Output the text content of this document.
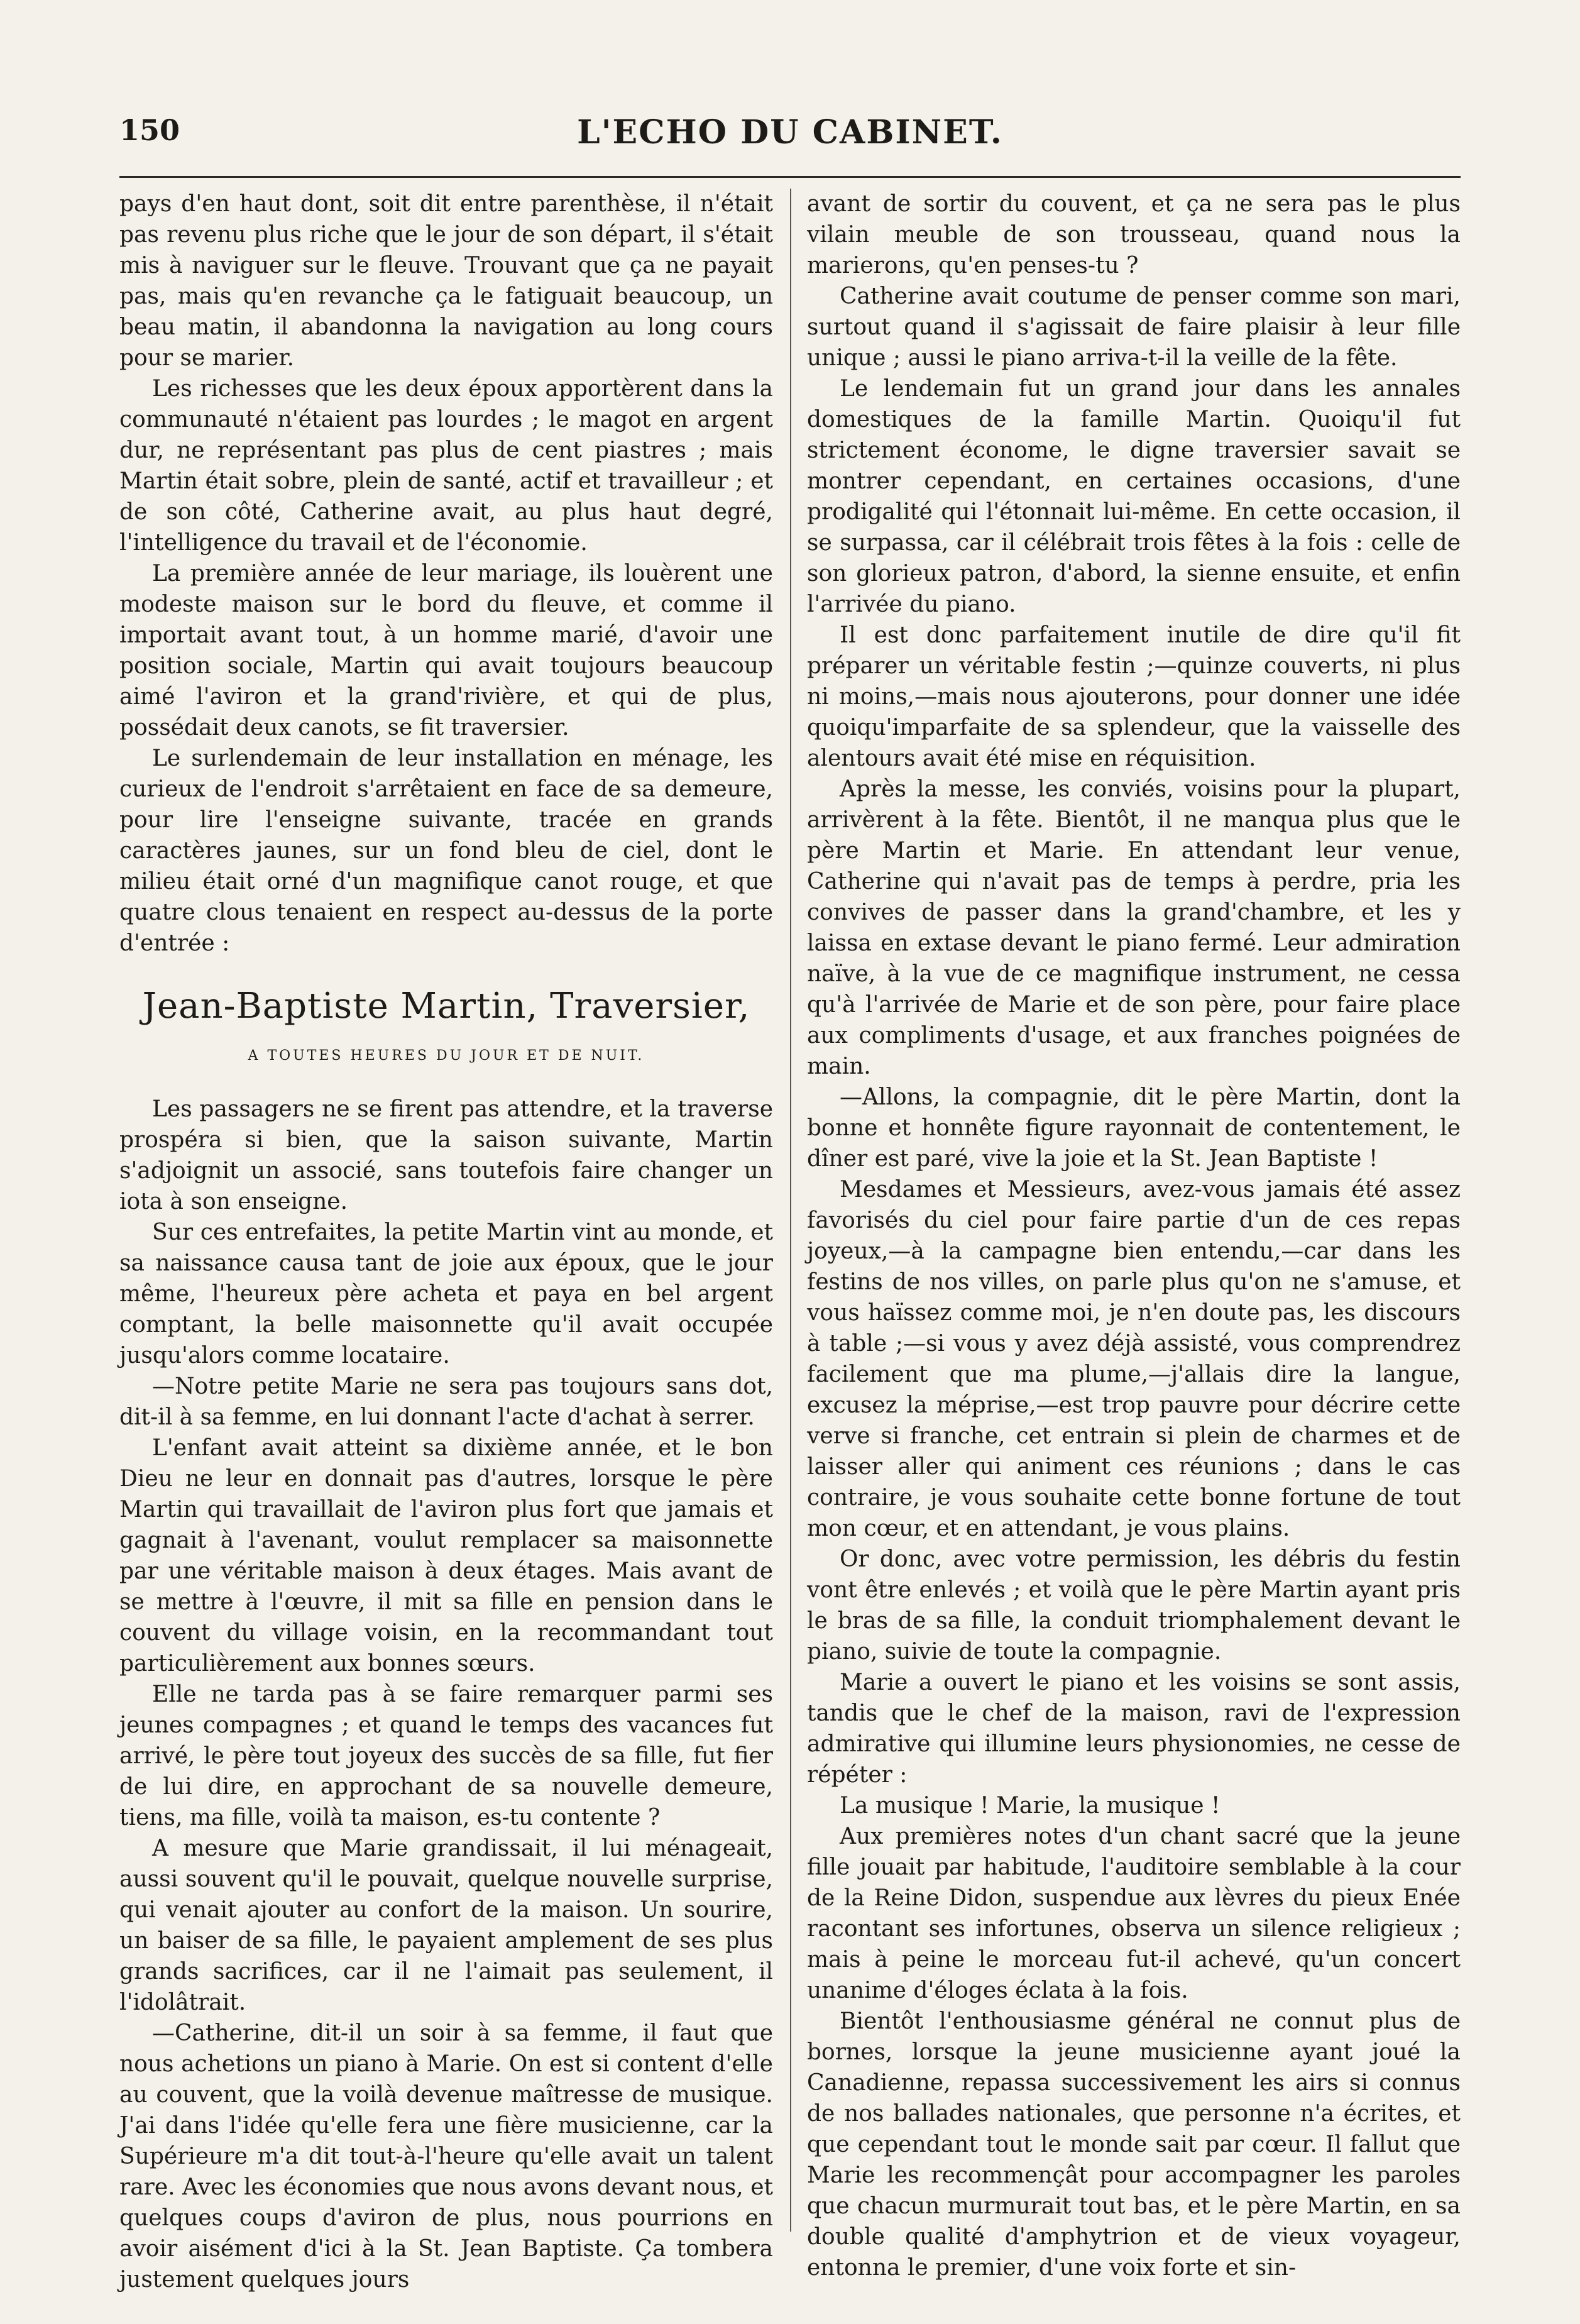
150	L'ECHO DU CABINET.

pays d'en haut dont, soit dit entre parenthèse, il n'était pas revenu plus riche que le jour de son départ, il s'était mis à naviguer sur le fleuve. Trouvant que ça ne payait pas, mais qu'en revanche ça le fatiguait beaucoup, un beau matin, il abandonna la navigation au long cours pour se marier.

Les richesses que les deux époux apportèrent dans la communauté n'étaient pas lourdes ; le magot en argent dur, ne représentant pas plus de cent piastres ; mais Martin était sobre, plein de santé, actif et travailleur ; et de son côté, Catherine avait, au plus haut degré, l'intelligence du travail et de l'économie.

La première année de leur mariage, ils louèrent une modeste maison sur le bord du fleuve, et comme il importait avant tout, à un homme marié, d'avoir une position sociale, Martin qui avait toujours beaucoup aimé l'aviron et la grand'rivière, et qui de plus, possédait deux canots, se fit traversier.

Le surlendemain de leur installation en ménage, les curieux de l'endroit s'arrêtaient en face de sa demeure, pour lire l'enseigne suivante, tracée en grands caractères jaunes, sur un fond bleu de ciel, dont le milieu était orné d'un magnifique canot rouge, et que quatre clous tenaient en respect au-dessus de la porte d'entrée :

Jean-Baptiste Martin, Traversier,

A TOUTES HEURES DU JOUR ET DE NUIT.

Les passagers ne se firent pas attendre, et la traverse prospéra si bien, que la saison suivante, Martin s'adjoignit un associé, sans toutefois faire changer un iota à son enseigne.

Sur ces entrefaites, la petite Martin vint au monde, et sa naissance causa tant de joie aux époux, que le jour même, l'heureux père acheta et paya en bel argent comptant, la belle maisonnette qu'il avait occupée jusqu'alors comme locataire.

—Notre petite Marie ne sera pas toujours sans dot, dit-il à sa femme, en lui donnant l'acte d'achat à serrer.

L'enfant avait atteint sa dixième année, et le bon Dieu ne leur en donnait pas d'autres, lorsque le père Martin qui travaillait de l'aviron plus fort que jamais et gagnait à l'avenant, voulut remplacer sa maisonnette par une véritable maison à deux étages. Mais avant de se mettre à l'œuvre, il mit sa fille en pension dans le couvent du village voisin, en la recommandant tout particulièrement aux bonnes sœurs.

Elle ne tarda pas à se faire remarquer parmi ses jeunes compagnes ; et quand le temps des vacances fut arrivé, le père tout joyeux des succès de sa fille, fut fier de lui dire, en approchant de sa nouvelle demeure, tiens, ma fille, voilà ta maison, es-tu contente ?

A mesure que Marie grandissait, il lui ménageait, aussi souvent qu'il le pouvait, quelque nouvelle surprise, qui venait ajouter au confort de la maison. Un sourire, un baiser de sa fille, le payaient amplement de ses plus grands sacrifices, car il ne l'aimait pas seulement, il l'idolâtrait.

—Catherine, dit-il un soir à sa femme, il faut que nous achetions un piano à Marie. On est si content d'elle au couvent, que la voilà devenue maîtresse de musique. J'ai dans l'idée qu'elle fera une fière musicienne, car la Supérieure m'a dit tout-à-l'heure qu'elle avait un talent rare. Avec les économies que nous avons devant nous, et quelques coups d'aviron de plus, nous pourrions en avoir aisément d'ici à la St. Jean Baptiste. Ça tombera justement quelques jours

avant de sortir du couvent, et ça ne sera pas le plus vilain meuble de son trousseau, quand nous la marierons, qu'en penses-tu ?

Catherine avait coutume de penser comme son mari, surtout quand il s'agissait de faire plaisir à leur fille unique ; aussi le piano arriva-t-il la veille de la fête.

Le lendemain fut un grand jour dans les annales domestiques de la famille Martin. Quoiqu'il fut strictement économe, le digne traversier savait se montrer cependant, en certaines occasions, d'une prodigalité qui l'étonnait lui-même. En cette occasion, il se surpassa, car il célébrait trois fêtes à la fois : celle de son glorieux patron, d'abord, la sienne ensuite, et enfin l'arrivée du piano.

Il est donc parfaitement inutile de dire qu'il fit préparer un véritable festin ;—quinze couverts, ni plus ni moins,—mais nous ajouterons, pour donner une idée quoiqu'imparfaite de sa splendeur, que la vaisselle des alentours avait été mise en réquisition.

Après la messe, les conviés, voisins pour la plupart, arrivèrent à la fête. Bientôt, il ne manqua plus que le père Martin et Marie. En attendant leur venue, Catherine qui n'avait pas de temps à perdre, pria les convives de passer dans la grand'chambre, et les y laissa en extase devant le piano fermé. Leur admiration naïve, à la vue de ce magnifique instrument, ne cessa qu'à l'arrivée de Marie et de son père, pour faire place aux compliments d'usage, et aux franches poignées de main.

—Allons, la compagnie, dit le père Martin, dont la bonne et honnête figure rayonnait de contentement, le dîner est paré, vive la joie et la St. Jean Baptiste !

Mesdames et Messieurs, avez-vous jamais été assez favorisés du ciel pour faire partie d'un de ces repas joyeux,—à la campagne bien entendu,—car dans les festins de nos villes, on parle plus qu'on ne s'amuse, et vous haïssez comme moi, je n'en doute pas, les discours à table ;—si vous y avez déjà assisté, vous comprendrez facilement que ma plume,—j'allais dire la langue, excusez la méprise,—est trop pauvre pour décrire cette verve si franche, cet entrain si plein de charmes et de laisser aller qui animent ces réunions ; dans le cas contraire, je vous souhaite cette bonne fortune de tout mon cœur, et en attendant, je vous plains.

Or donc, avec votre permission, les débris du festin vont être enlevés ; et voilà que le père Martin ayant pris le bras de sa fille, la conduit triomphalement devant le piano, suivie de toute la compagnie.

Marie a ouvert le piano et les voisins se sont assis, tandis que le chef de la maison, ravi de l'expression admirative qui illumine leurs physionomies, ne cesse de répéter :

La musique ! Marie, la musique !

Aux premières notes d'un chant sacré que la jeune fille jouait par habitude, l'auditoire semblable à la cour de la Reine Didon, suspendue aux lèvres du pieux Enée racontant ses infortunes, observa un silence religieux ; mais à peine le morceau fut-il achevé, qu'un concert unanime d'éloges éclata à la fois.

Bientôt l'enthousiasme général ne connut plus de bornes, lorsque la jeune musicienne ayant joué la Canadienne, repassa successivement les airs si connus de nos ballades nationales, que personne n'a écrites, et que cependant tout le monde sait par cœur. Il fallut que Marie les recommençât pour accompagner les paroles que chacun murmurait tout bas, et le père Martin, en sa double qualité d'amphytrion et de vieux voyageur, entonna le premier, d'une voix forte et sin-
